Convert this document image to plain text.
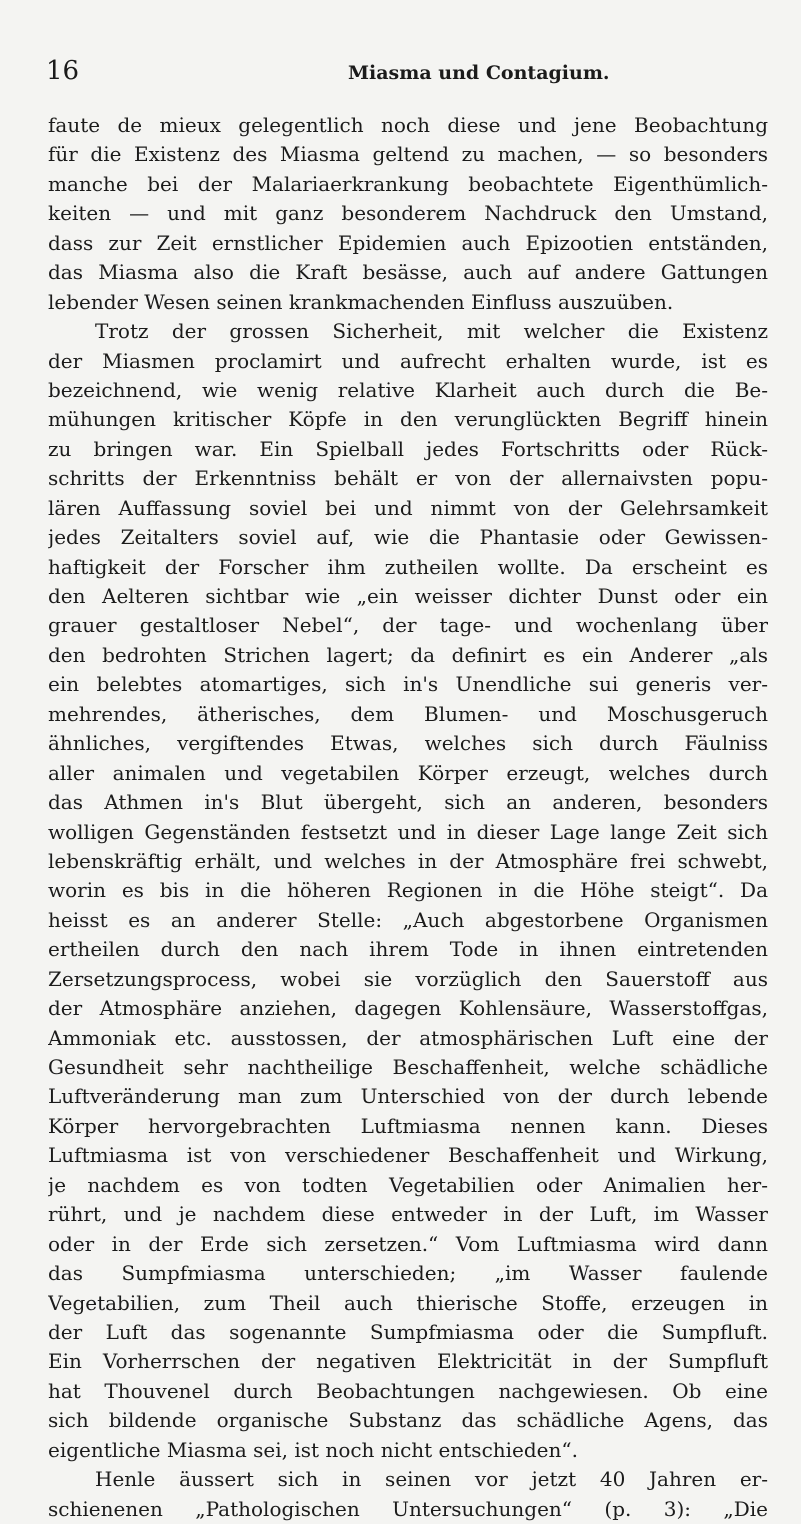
16	Miasma und Contagium.
faute de mieux gelegentlich noch diese und jene Beobachtung
für die Existenz des Miasma geltend zu machen, — so besonders
manche bei der Malariaerkrankung beobachtete Eigenthümlich-
keiten — und mit ganz besonderem Nachdruck den Umstand,
dass zur Zeit ernstlicher Epidemien auch Epizootien entständen,
das Miasma also die Kraft besässe, auch auf andere Gattungen
lebender Wesen seinen krankmachenden Einfluss auszuüben.
Trotz der grossen Sicherheit, mit welcher die Existenz
der Miasmen proclamirt und aufrecht erhalten wurde, ist es
bezeichnend, wie wenig relative Klarheit auch durch die Be-
mühungen kritischer Köpfe in den verunglückten Begriff hinein
zu bringen war. Ein Spielball jedes Fortschritts oder Rück-
schritts der Erkenntniss behält er von der allernaivsten popu-
lären Auffassung soviel bei und nimmt von der Gelehrsamkeit
jedes Zeitalters soviel auf, wie die Phantasie oder Gewissen-
haftigkeit der Forscher ihm zutheilen wollte. Da erscheint es
den Aelteren sichtbar wie „ein weisser dichter Dunst oder ein
grauer gestaltloser Nebel“, der tage- und wochenlang über
den bedrohten Strichen lagert; da definirt es ein Anderer „als
ein belebtes atomartiges, sich in's Unendliche sui generis ver-
mehrendes, ätherisches, dem Blumen- und Moschusgeruch
ähnliches, vergiftendes Etwas, welches sich durch Fäulniss
aller animalen und vegetabilen Körper erzeugt, welches durch
das Athmen in's Blut übergeht, sich an anderen, besonders
wolligen Gegenständen festsetzt und in dieser Lage lange Zeit sich
lebenskräftig erhält, und welches in der Atmosphäre frei schwebt,
worin es bis in die höheren Regionen in die Höhe steigt“. Da
heisst es an anderer Stelle: „Auch abgestorbene Organismen
ertheilen durch den nach ihrem Tode in ihnen eintretenden
Zersetzungsprocess, wobei sie vorzüglich den Sauerstoff aus
der Atmosphäre anziehen, dagegen Kohlensäure, Wasserstoffgas,
Ammoniak etc. ausstossen, der atmosphärischen Luft eine der
Gesundheit sehr nachtheilige Beschaffenheit, welche schädliche
Luftveränderung man zum Unterschied von der durch lebende
Körper hervorgebrachten Luftmiasma nennen kann. Dieses
Luftmiasma ist von verschiedener Beschaffenheit und Wirkung,
je nachdem es von todten Vegetabilien oder Animalien her-
rührt, und je nachdem diese entweder in der Luft, im Wasser
oder in der Erde sich zersetzen.“ Vom Luftmiasma wird dann
das Sumpfmiasma unterschieden; „im Wasser faulende
Vegetabilien, zum Theil auch thierische Stoffe, erzeugen in
der Luft das sogenannte Sumpfmiasma oder die Sumpfluft.
Ein Vorherrschen der negativen Elektricität in der Sumpfluft
hat Thouvenel durch Beobachtungen nachgewiesen. Ob eine
sich bildende organische Substanz das schädliche Agens, das
eigentliche Miasma sei, ist noch nicht entschieden“.
Henle äussert sich in seinen vor jetzt 40 Jahren er-
schienenen „Pathologischen Untersuchungen“ (p. 3): „Die
